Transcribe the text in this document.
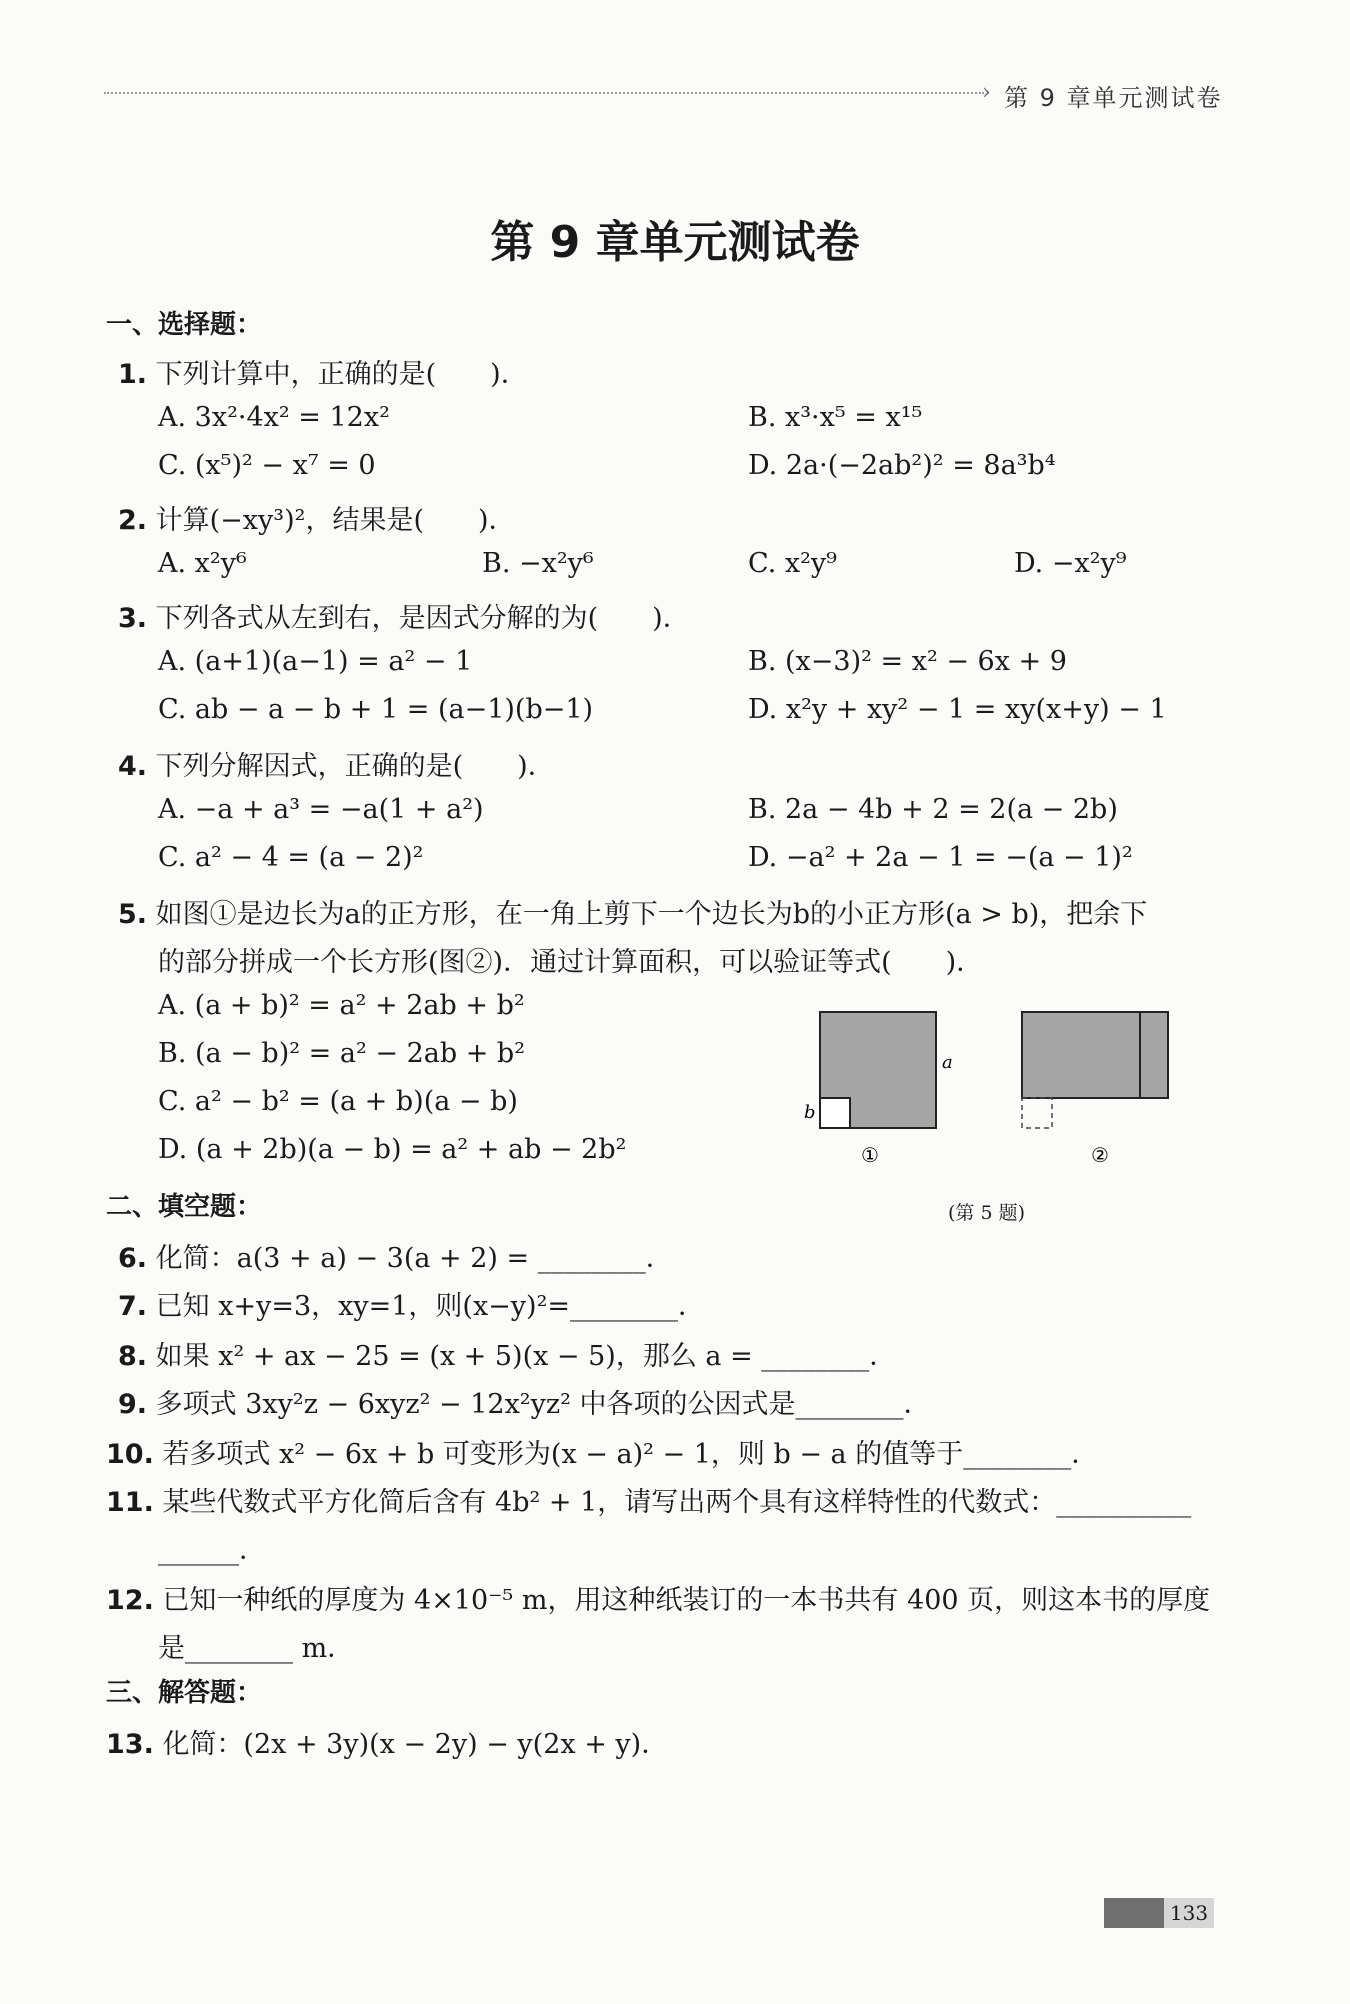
› 第 9 章单元测试卷
第 9 章单元测试卷
一、选择题：
1. 下列计算中，正确的是(　　)．
A. 3x²·4x² = 12x²	B. x³·x⁵ = x¹⁵
C. (x⁵)² − x⁷ = 0	D. 2a·(−2ab²)² = 8a³b⁴
2. 计算(−xy³)²，结果是(　　)．
A. x²y⁶	B. −x²y⁶	C. x²y⁹	D. −x²y⁹
3. 下列各式从左到右，是因式分解的为(　　)．
A. (a+1)(a−1) = a² − 1	B. (x−3)² = x² − 6x + 9
C. ab − a − b + 1 = (a−1)(b−1)	D. x²y + xy² − 1 = xy(x+y) − 1
4. 下列分解因式，正确的是(　　)．
A. −a + a³ = −a(1 + a²)	B. 2a − 4b + 2 = 2(a − 2b)
C. a² − 4 = (a − 2)²	D. −a² + 2a − 1 = −(a − 1)²
5. 如图①是边长为a的正方形，在一角上剪下一个边长为b的小正方形(a > b)，把余下
的部分拼成一个长方形(图②)．通过计算面积，可以验证等式(　　)．
A. (a + b)² = a² + 2ab + b²
B. (a − b)² = a² − 2ab + b²
C. a² − b² = (a + b)(a − b)
D. (a + 2b)(a − b) = a² + ab − 2b²
a
b
①	②
(第 5 题)
二、填空题：
6. 化简：a(3 + a) − 3(a + 2) = ________．
7. 已知 x+y=3，xy=1，则(x−y)²=________．
8. 如果 x² + ax − 25 = (x + 5)(x − 5)，那么 a = ________．
9. 多项式 3xy²z − 6xyz² − 12x²yz² 中各项的公因式是________．
10. 若多项式 x² − 6x + b 可变形为(x − a)² − 1，则 b − a 的值等于________．
11. 某些代数式平方化简后含有 4b² + 1，请写出两个具有这样特性的代数式：__________
______．
12. 已知一种纸的厚度为 4×10⁻⁵ m，用这种纸装订的一本书共有 400 页，则这本书的厚度
是________ m．
三、解答题：
13. 化简：(2x + 3y)(x − 2y) − y(2x + y)．
133
